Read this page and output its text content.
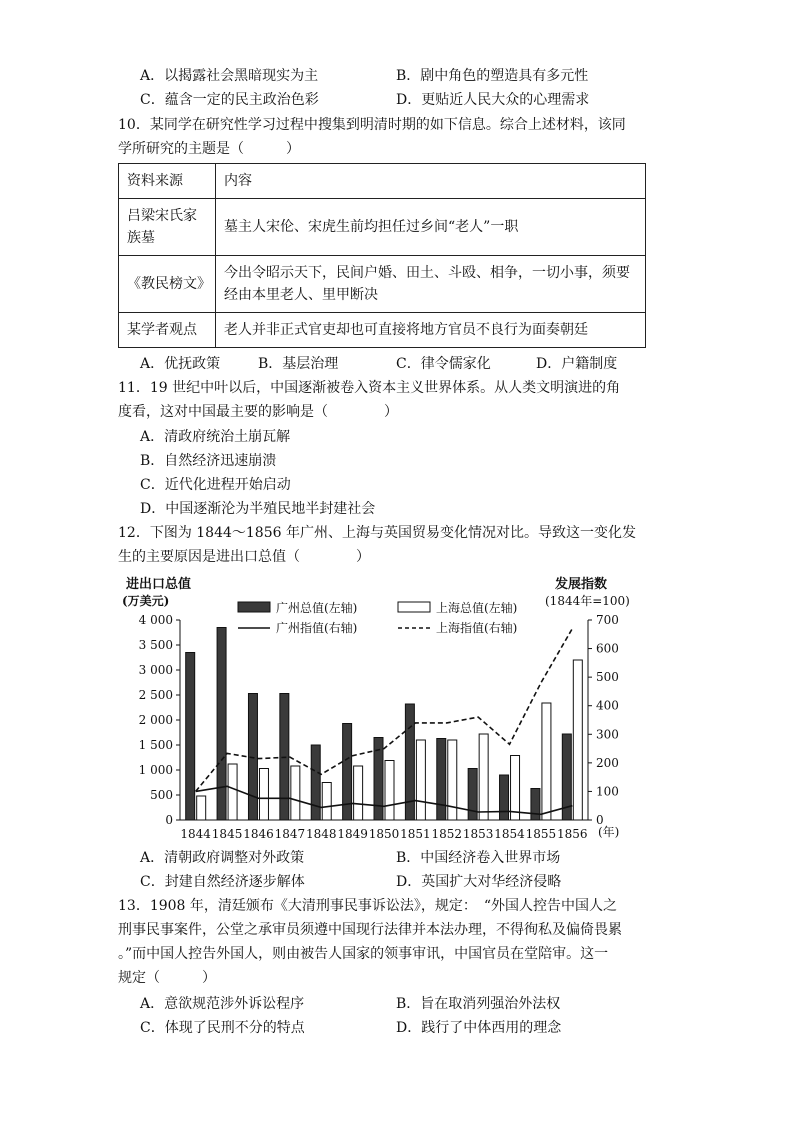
A．以揭露社会黑暗现实为主	B．剧中角色的塑造具有多元性
C．蕴含一定的民主政治色彩	D．更贴近人民大众的心理需求
10．某同学在研究性学习过程中搜集到明清时期的如下信息。综合上述材料，该同
学所研究的主题是（　　　）
资料来源	内容
吕梁宋氏家族墓	墓主人宋伦、宋虎生前均担任过乡间“老人”一职
《教民榜文》	今出令昭示天下，民间户婚、田土、斗殴、相争，一切小事，须要经由本里老人、里甲断决
某学者观点	老人并非正式官吏却也可直接将地方官员不良行为面奏朝廷
A．优抚政策	B．基层治理	C．律令儒家化	D．户籍制度
11．19 世纪中叶以后，中国逐渐被卷入资本主义世界体系。从人类文明演进的角
度看，这对中国最主要的影响是（　　　　）
A．清政府统治土崩瓦解
B．自然经济迅速崩溃
C．近代化进程开始启动
D．中国逐渐沦为半殖民地半封建社会
12．下图为 1844～1856 年广州、上海与英国贸易变化情况对比。导致这一变化发
生的主要原因是进出口总值（　　　　）
进出口总值
(万美元)
发展指数
(1844年=100)
(年)
广州总值(左轴)	上海总值(左轴)
广州指值(右轴)	上海指值(右轴)
0
500
1 000
1 500
2 000
2 500
3 000
3 500
4 000
0
100
200
300
400
500
600
700
1844 1845 1846 1847 1848 1849 1850 1851 1852 1853 1854 1855 1856
A．清朝政府调整对外政策	B．中国经济卷入世界市场
C．封建自然经济逐步解体	D．英国扩大对华经济侵略
13．1908 年，清廷颁布《大清刑事民事诉讼法》，规定：　“外国人控告中国人之
刑事民事案件，公堂之承审员须遵中国现行法律并本法办理，不得徇私及偏倚畏累
。”而中国人控告外国人，则由被告人国家的领事审讯，中国官员在堂陪审。这一
规定（　　　）
A．意欲规范涉外诉讼程序	B．旨在取消列强治外法权
C．体现了民刑不分的特点	D．践行了中体西用的理念
